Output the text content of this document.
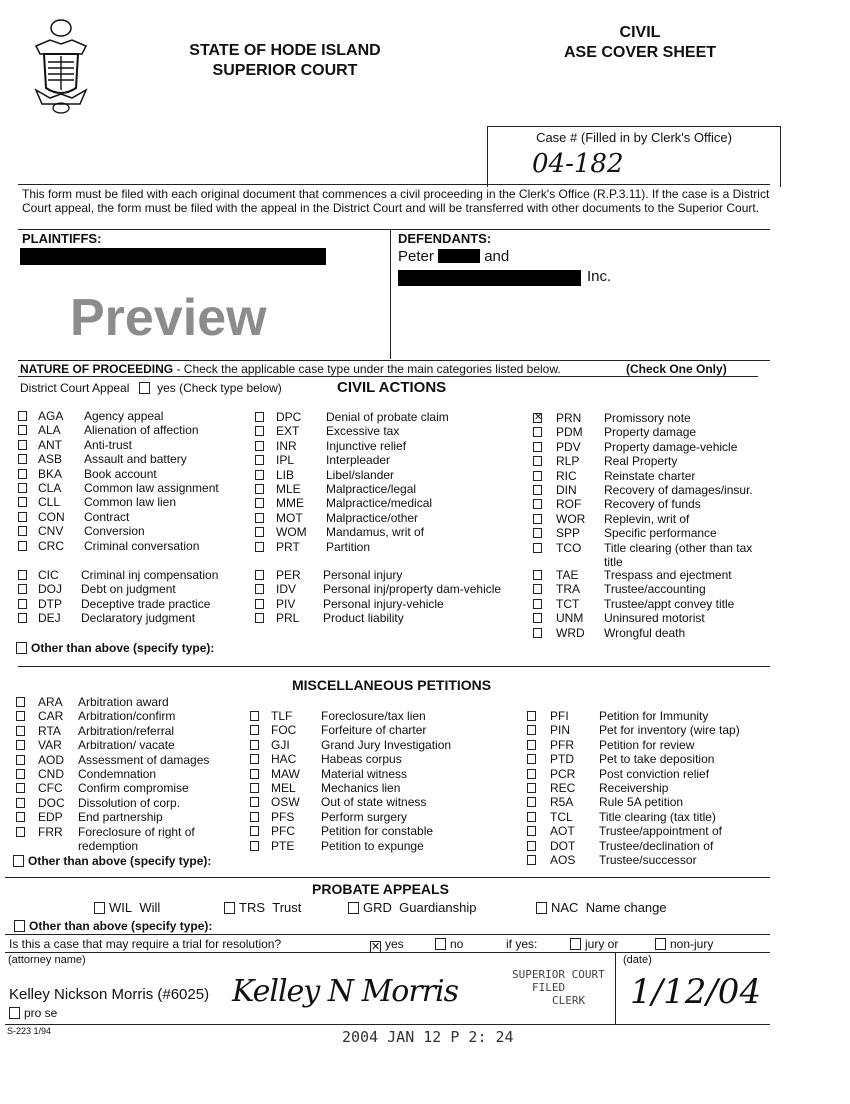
STATE OF HODE ISLAND
SUPERIOR COURT
CIVIL
ASE COVER SHEET
Case # (Filled in by Clerk's Office)
04-182
This form must be filed with each original document that commences a civil proceeding in the Clerk's Office (R.P.3.11). If the case is a District Court appeal, the form must be filed with the appeal in the District Court and will be transferred with other documents to the Superior Court.
PLAINTIFFS:	DEFENDANTS:
Peter	and
Inc.
Preview
NATURE OF PROCEEDING - Check the applicable case type under the main categories listed below.	(Check One Only)
District Court Appeal yes (Check type below)	CIVIL ACTIONS
AGA Agency appeal
ALA Alienation of affection
ANT Anti-trust
ASB Assault and battery
BKA Book account
CLA Common law assignment
CLL Common law lien
CON Contract
CNV Conversion
CRC Criminal conversation
CIC Criminal inj compensation
DOJ Debt on judgment
DTP Deceptive trade practice
DEJ Declaratory judgment
DPC Denial of probate claim
EXT Excessive tax
INR Injunctive relief
IPL	Interpleader
LIB	Libel/slander
MLE Malpractice/legal
MME Malpractice/medical
MOT Malpractice/other
WOM Mandamus, writ of
PRT Partition
PER Personal injury
IDV Personal inj/property dam-vehicle
PIV Personal injury-vehicle
PRL Product liability
✕ PRN Promissory note
PDM Property damage
PDV Property damage-vehicle
RLP Real Property
RIC Reinstate charter
DIN Recovery of damages/insur.
ROF Recovery of funds
WOR Replevin, writ of
SPP Specific performance
TCO Title clearing (other than tax title
TAE Trespass and ejectment
TRA Trustee/accounting
TCT Trustee/appt convey title
UNM Uninsured motorist
WRD Wrongful death
Other than above (specify type):
MISCELLANEOUS PETITIONS
ARA Arbitration award
CAR Arbitration/confirm
RTA Arbitration/referral
VAR Arbitration/ vacate
AOD Assessment of damages
CND Condemnation
CFC Confirm compromise
DOC Dissolution of corp.
EDP End partnership
FRR Foreclosure of right of redemption
TLF Foreclosure/tax lien
FOC Forfeiture of charter
GJI	Grand Jury Investigation
HAC Habeas corpus
MAW Material witness
MEL Mechanics lien
OSW Out of state witness
PFS Perform surgery
PFC Petition for constable
PTE Petition to expunge
PFI	Petition for Immunity
PIN Pet for inventory (wire tap)
PFR Petition for review
PTD Pet to take deposition
PCR Post conviction relief
REC Receivership
R5A Rule 5A petition
TCL Title clearing (tax title)
AOT Trustee/appointment of
DOT Trustee/declination of
AOS Trustee/successor
Other than above (specify type):
PROBATE APPEALS
WIL Will	TRS Trust	GRD Guardianship	NAC Name change
Other than above (specify type):
Is this a case that may require a trial for resolution?	✕ yes	no	if yes:	jury or	non-jury
(attorney name)	(date)
Kelley Nickson Morris (#6025) Kelley N Morris	SUPERIOR COURT
FILED
CLERK	1/12/04
pro se
S-223 1/94	2004 JAN 12 P 2: 24
